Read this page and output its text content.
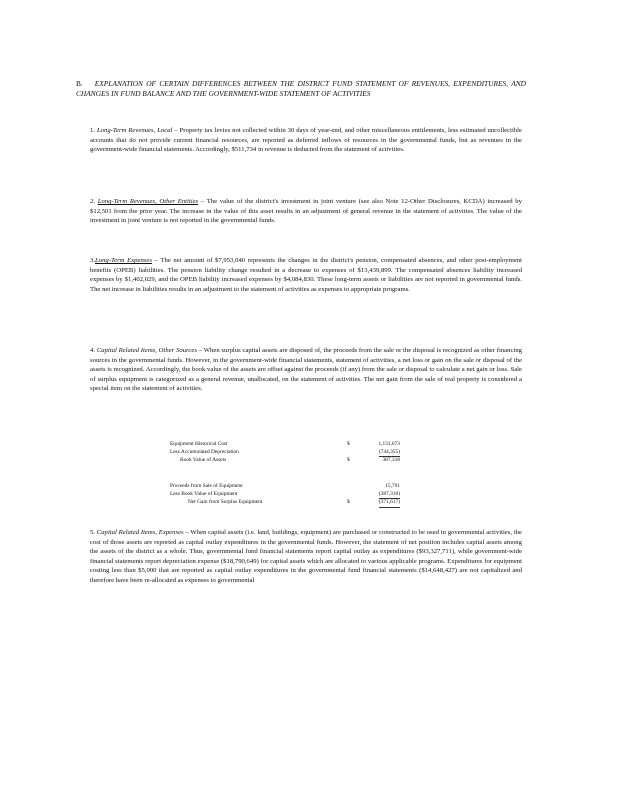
B. EXPLANATION OF CERTAIN DIFFERENCES BETWEEN THE DISTRICT FUND STATEMENT OF REVENUES, EXPENDITURES, AND CHANGES IN FUND BALANCE AND THE GOVERNMENT-WIDE STATEMENT OF ACTIVITIES
1. Long-Term Revenues, Local – Property tax levies not collected within 30 days of year-end, and other miscellaneous entitlements, less estimated uncollectible accounts that do not provide current financial resources, are reported as deferred inflows of resources in the governmental funds, but as revenues in the government-wide financial statements. Accordingly, $511,734 in revenue is deducted from the statement of activities.
2. Long-Term Revenues, Other Entities – The value of the district's investment in joint venture (see also Note 12-Other Disclosures, KCDA) increased by $12,501 from the prior year. The increase in the value of this asset results in an adjustment of general revenue in the statement of activities. The value of the investment in joint venture is not reported in the governmental funds.
3.Long-Term Expenses – The net amount of $7,953,040 represents the changes in the district's pension, compensated absences, and other post-employment benefits (OPEB) liabilities. The pension liability change resulted in a decrease to expenses of $13,439,899. The compensated absences liability increased expenses by $1,402,029, and the OPEB liability increased expenses by $4,084,830. These long-term assets or liabilities are not reported in governmental funds. The net increase in liabilities results in an adjustment to the statement of activities as expenses to appropriate programs.
4. Capital Related Items, Other Sources – When surplus capital assets are disposed of, the proceeds from the sale or the disposal is recognized as other financing sources in the governmental funds. However, in the government-wide financial statements, statement of activities, a net loss or gain on the sale or disposal of the assets is recognized. Accordingly, the book value of the assets are offset against the proceeds (if any) from the sale or disposal to calculate a net gain or loss. Sale of surplus equipment is categorized as a general revenue, unallocated, on the statement of activities. The net gain from the sale of real property is considered a special item on the statement of activities.
Equipment Historical Cost	$	1,131,673
Less Accumulated Depreciation	(744,355)
Book Value of Assets	$	387,318
Proceeds from Sale of Equipment	15,701
Less Book Value of Equipment	(387,318)
Net Gain from Surplus Equipment	$	(371,617)
5. Capital Related Items, Expenses – When capital assets (i.e. land, buildings, equipment) are purchased or constructed to be used in governmental activities, the cost of those assets are reported as capital outlay expenditures in the governmental funds. However, the statement of net position includes capital assets among the assets of the district as a whole. Thus, governmental fund financial statements report capital outlay as expenditures ($93,327,711), while government-wide financial statements report depreciation expense ($18,790,649) for capital assets which are allocated to various applicable programs. Expenditures for equipment costing less than $5,000 that are reported as capital outlay expenditures in the governmental fund financial statements ($14,648,427) are not capitalized and therefore have been re-allocated as expenses to governmental
